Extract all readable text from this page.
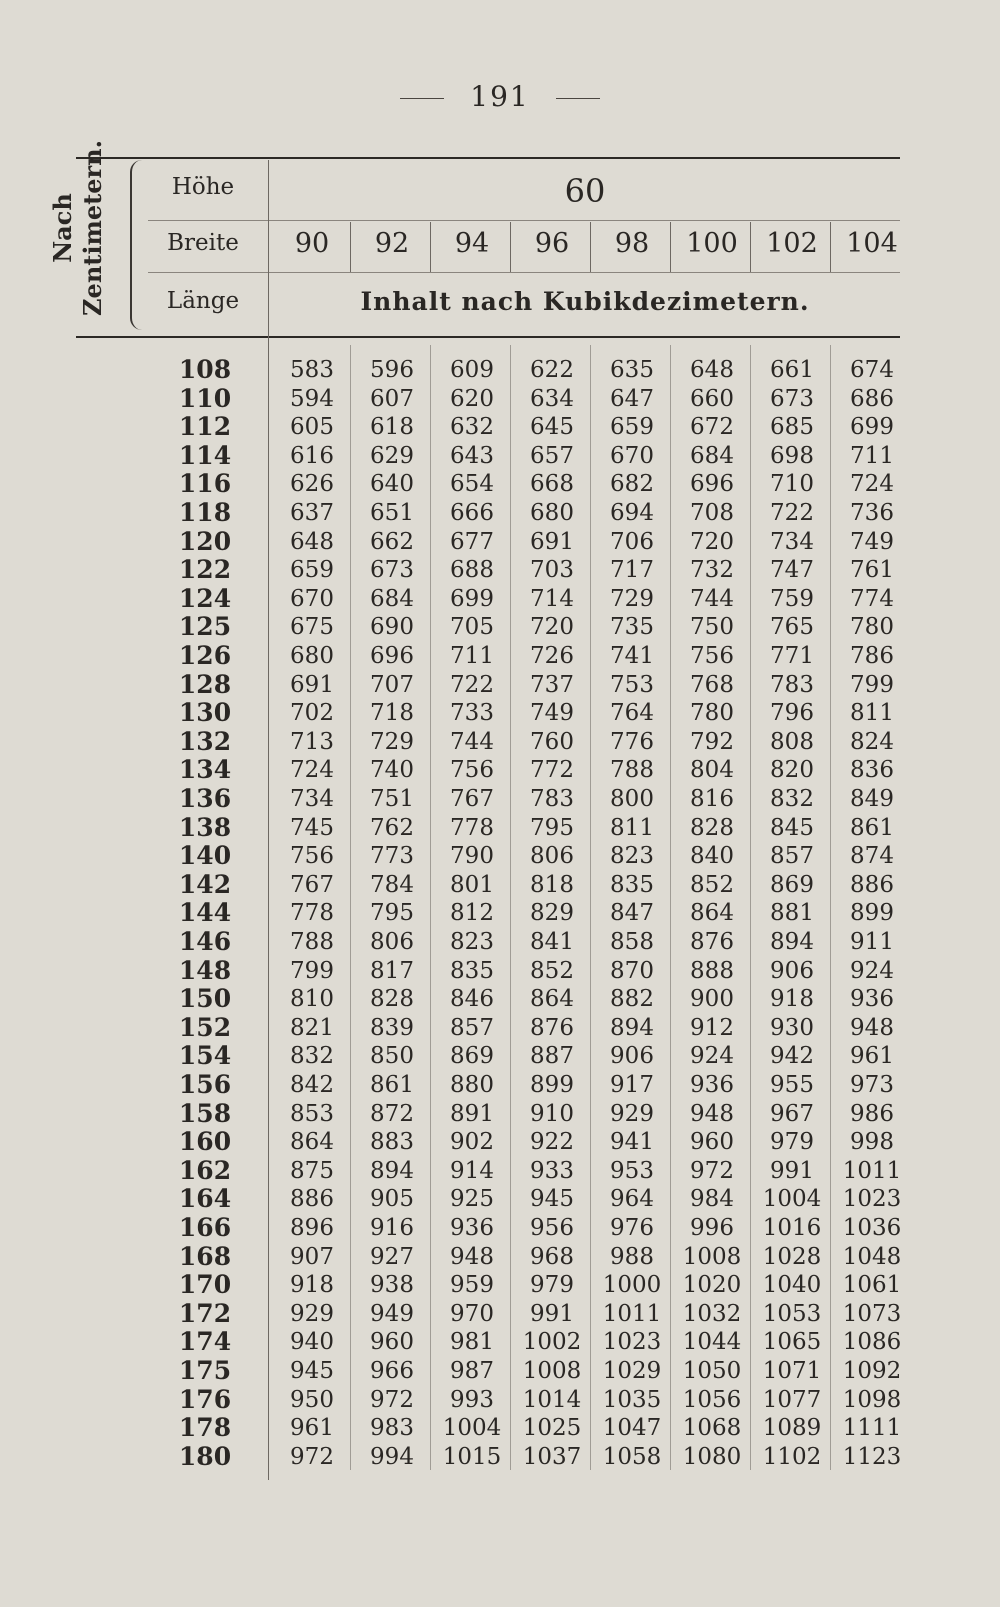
191
Nach Zentimetern.	Höhe
Breite
Länge
60
Inhalt nach Kubikdezimetern.
90	92	94	96	98	100	102	104
108	583	596	609	622	635	648	661	674
110	594	607	620	634	647	660	673	686
112	605	618	632	645	659	672	685	699
114	616	629	643	657	670	684	698	711
116	626	640	654	668	682	696	710	724
118	637	651	666	680	694	708	722	736
120	648	662	677	691	706	720	734	749
122	659	673	688	703	717	732	747	761
124	670	684	699	714	729	744	759	774
125	675	690	705	720	735	750	765	780
126	680	696	711	726	741	756	771	786
128	691	707	722	737	753	768	783	799
130	702	718	733	749	764	780	796	811
132	713	729	744	760	776	792	808	824
134	724	740	756	772	788	804	820	836
136	734	751	767	783	800	816	832	849
138	745	762	778	795	811	828	845	861
140	756	773	790	806	823	840	857	874
142	767	784	801	818	835	852	869	886
144	778	795	812	829	847	864	881	899
146	788	806	823	841	858	876	894	911
148	799	817	835	852	870	888	906	924
150	810	828	846	864	882	900	918	936
152	821	839	857	876	894	912	930	948
154	832	850	869	887	906	924	942	961
156	842	861	880	899	917	936	955	973
158	853	872	891	910	929	948	967	986
160	864	883	902	922	941	960	979	998
162	875	894	914	933	953	972	991	1011
164	886	905	925	945	964	984	1004 1023
166	896	916	936	956	976	996	1016 1036
168	907	927	948	968	988	1008 1028 1048
170	918	938	959	979	1000 1020 1040 1061
172	929	949	970	991	1011 1032 1053 1073
174	940	960	981	1002 1023 1044 1065 1086
175	945	966	987	1008 1029 1050 1071 1092
176	950	972	993	1014 1035 1056 1077 1098
178	961	983	1004 1025 1047 1068 1089 1111
180	972	994	1015 1037 1058 1080 1102 1123
